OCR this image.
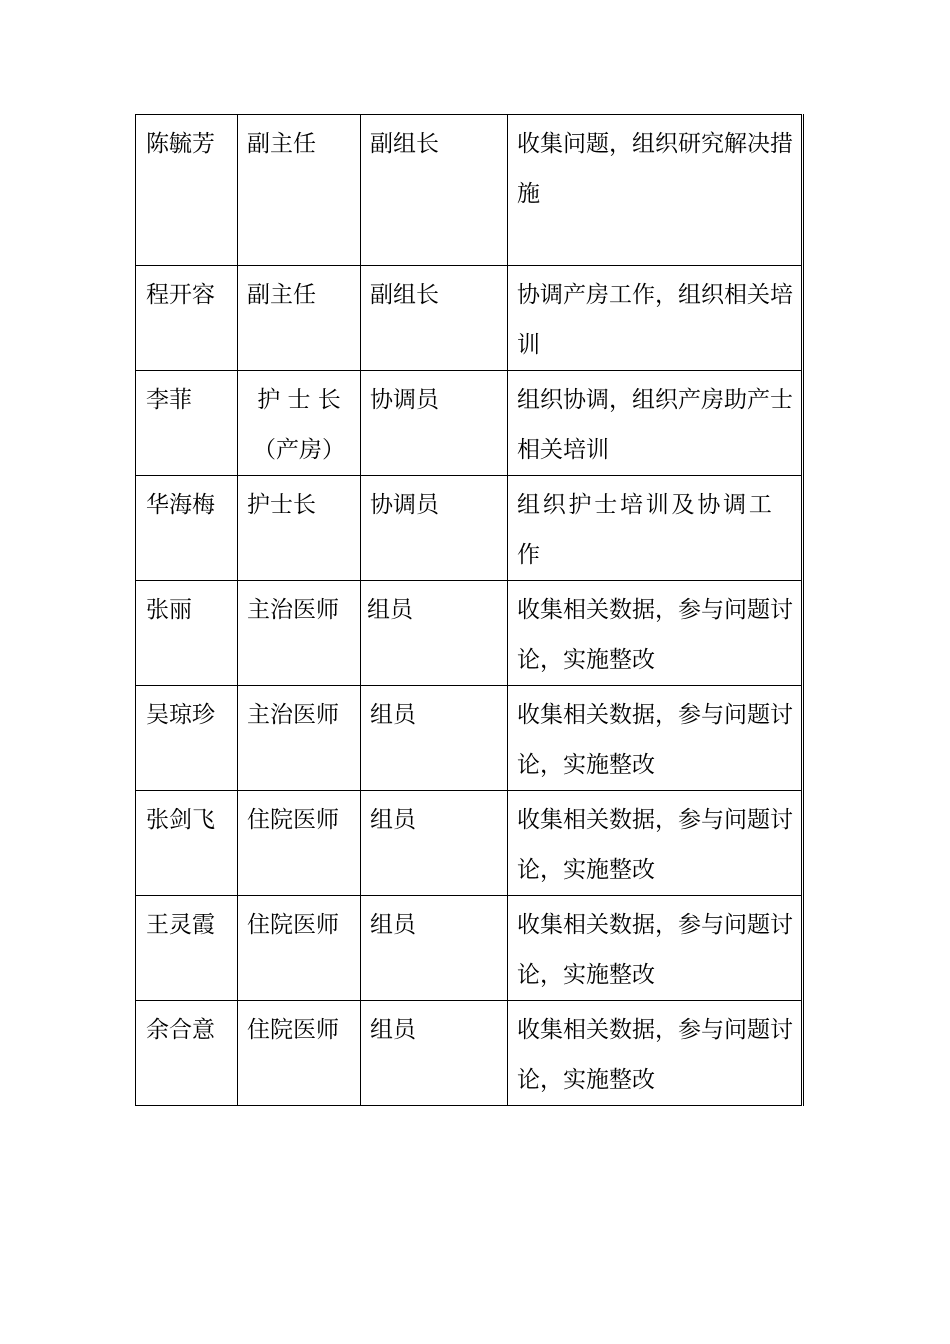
陈毓芳	副主任	副组长	收集问题，组织研究解决措施
程开容	副主任	副组长	协调产房工作，组织相关培训
李菲	护 士 长（产房）	协调员	组织协调，组织产房助产士相关培训
华海梅	护士长	协调员	组织护士培训及协调工作
张丽	主治医师	组员	收集相关数据，参与问题讨论，实施整改
吴琼珍	主治医师	组员	收集相关数据，参与问题讨论，实施整改
张剑飞	住院医师	组员	收集相关数据，参与问题讨论，实施整改
王灵霞	住院医师	组员	收集相关数据，参与问题讨论，实施整改
余合意	住院医师	组员	收集相关数据，参与问题讨论，实施整改
